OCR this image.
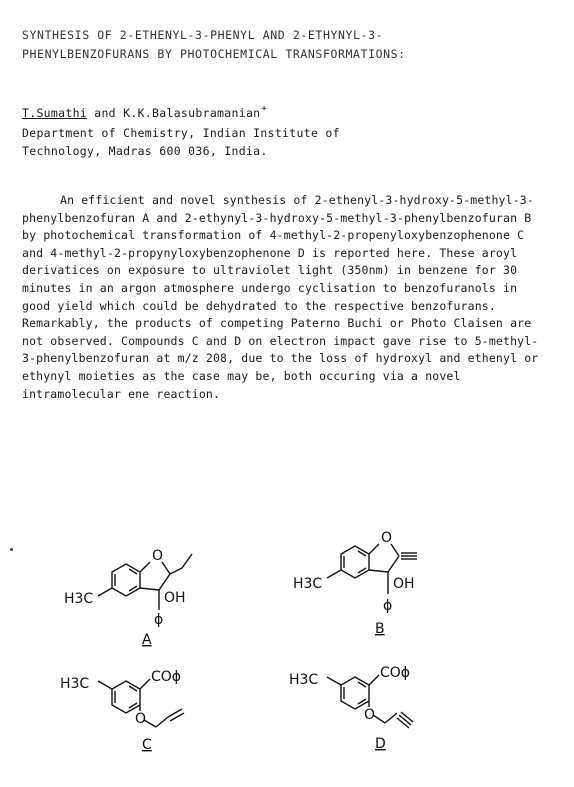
SYNTHESIS OF 2-ETHENYL-3-PHENYL AND 2-ETHYNYL-3-
PHENYLBENZOFURANS BY PHOTOCHEMICAL TRANSFORMATIONS:
T.Sumathi and K.K.Balasubramanian+
Department of Chemistry, Indian Institute of
Technology, Madras 600 036, India.

An efficient and novel synthesis of 2-ethenyl-3-hydroxy-5-methyl-3-phenylbenzofuran A and 2-ethynyl-3-hydroxy-5-methyl-3-phenylbenzofuran B by photochemical transformation of 4-methyl-2-propenyloxybenzophenone C and 4-methyl-2-propynyloxybenzophenone D is reported here. These aroyl derivatices on exposure to ultraviolet light (350nm) in benzene for 30 minutes in an argon atmosphere undergo cyclisation to benzofuranols in good yield which could be dehydrated to the respective benzofurans. Remarkably, the products of competing Paterno Buchi or Photo Claisen are not observed. Compounds C and D on electron impact gave rise to 5-methyl-3-phenylbenzofuran at m/z 208, due to the loss of hydroxyl and ethenyl or ethynyl moieties as the case may be, both occuring via a novel intramolecular ene reaction.

O
H3C	OH
ϕ
A
O
H3C	OH
ϕ
B
COϕ
H3C
O
C
COϕ
H3C
O
D
